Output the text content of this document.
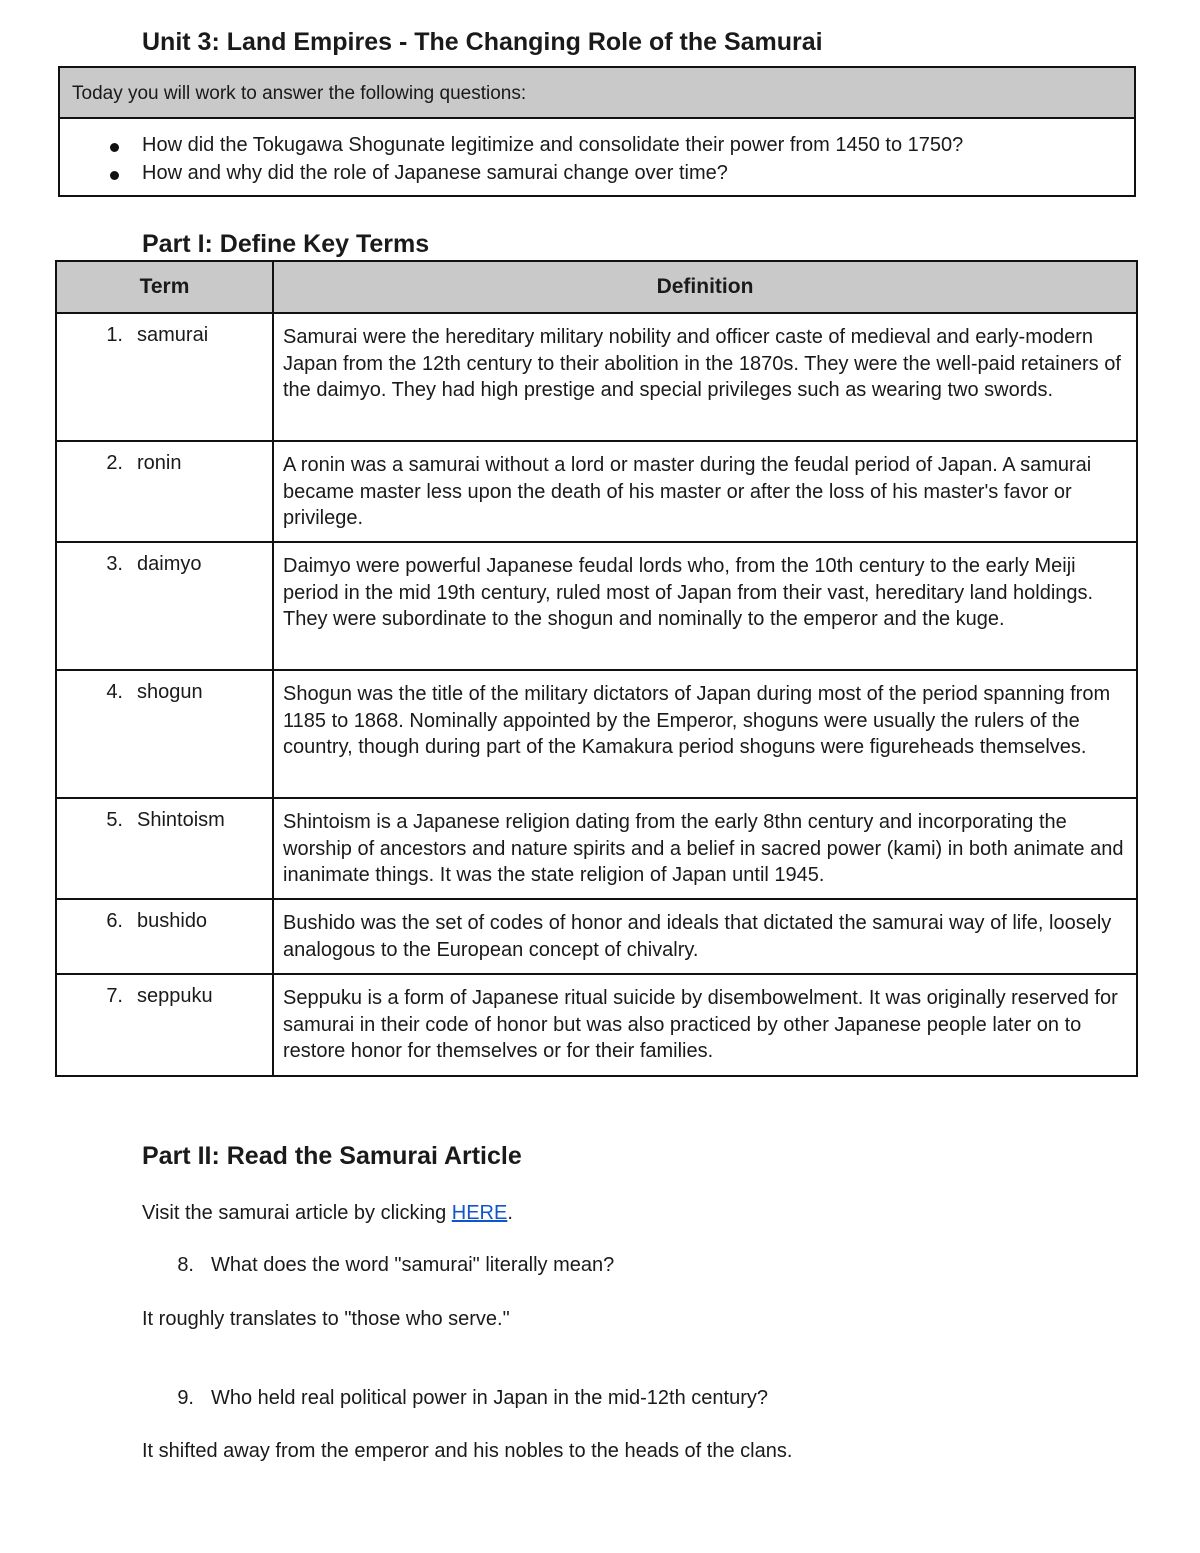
Unit 3: Land Empires - The Changing Role of the Samurai
Today you will work to answer the following questions:
How did the Tokugawa Shogunate legitimize and consolidate their power from 1450 to 1750?
How and why did the role of Japanese samurai change over time?
Part I: Define Key Terms
Term	Definition
1. samurai	Samurai were the hereditary military nobility and officer caste of medieval and early-modern Japan from the 12th century to their abolition in the 1870s. They were the well-paid retainers of the daimyo. They had high prestige and special privileges such as wearing two swords.
2. ronin	A ronin was a samurai without a lord or master during the feudal period of Japan. A samurai became master less upon the death of his master or after the loss of his master's favor or privilege.
3. daimyo	Daimyo were powerful Japanese feudal lords who, from the 10th century to the early Meiji period in the mid 19th century, ruled most of Japan from their vast, hereditary land holdings. They were subordinate to the shogun and nominally to the emperor and the kuge.
4. shogun	Shogun was the title of the military dictators of Japan during most of the period spanning from 1185 to 1868. Nominally appointed by the Emperor, shoguns were usually the rulers of the country, though during part of the Kamakura period shoguns were figureheads themselves.
5. Shintoism	Shintoism is a Japanese religion dating from the early 8thn century and incorporating the worship of ancestors and nature spirits and a belief in sacred power (kami) in both animate and inanimate things. It was the state religion of Japan until 1945.
6. bushido	Bushido was the set of codes of honor and ideals that dictated the samurai way of life, loosely analogous to the European concept of chivalry.
7. seppuku	Seppuku is a form of Japanese ritual suicide by disembowelment. It was originally reserved for samurai in their code of honor but was also practiced by other Japanese people later on to restore honor for themselves or for their families.
Part II: Read the Samurai Article

Visit the samurai article by clicking HERE.

8. What does the word "samurai" literally mean?

It roughly translates to "those who serve."

9. Who held real political power in Japan in the mid-12th century?

It shifted away from the emperor and his nobles to the heads of the clans.
